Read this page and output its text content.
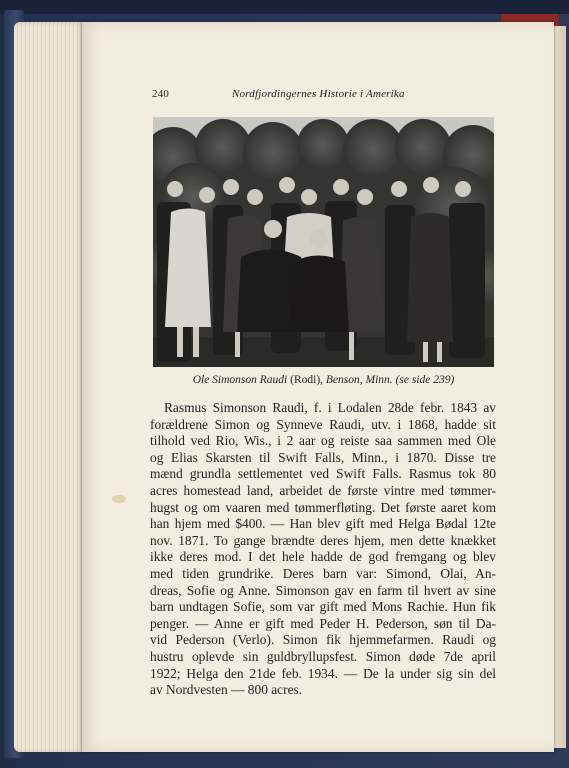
240	Nordfjordingernes Historie i Amerika
Ole Simonson Raudi (Rodi), Benson, Minn. (se side 239)
Rasmus Simonson Raudi, f. i Lodalen 28de febr. 1843 av
forældrene Simon og Synneve Raudi, utv. i 1868, hadde sit
tilhold ved Rio, Wis., i 2 aar og reiste saa sammen med Ole
og Elias Skarsten til Swift Falls, Minn., i 1870. Disse tre
mænd grundla settlementet ved Swift Falls. Rasmus tok 80
acres homestead land, arbeidet de første vintre med tømmer-
hugst og om vaaren med tømmerfløting. Det første aaret kom
han hjem med $400. — Han blev gift med Helga Bødal 12te
nov. 1871. To gange brændte deres hjem, men dette knækket
ikke deres mod. I det hele hadde de god fremgang og blev
med tiden grundrike. Deres barn var: Simond, Olai, An-
dreas, Sofie og Anne. Simonson gav en farm til hvert av sine
barn undtagen Sofie, som var gift med Mons Rachie. Hun fik
penger. — Anne er gift med Peder H. Pederson, søn til Da-
vid Pederson (Verlo). Simon fik hjemmefarmen. Raudi og
hustru oplevde sin guldbryllupsfest. Simon døde 7de april
1922; Helga den 21de feb. 1934. — De la under sig sin del
av Nordvesten — 800 acres.
